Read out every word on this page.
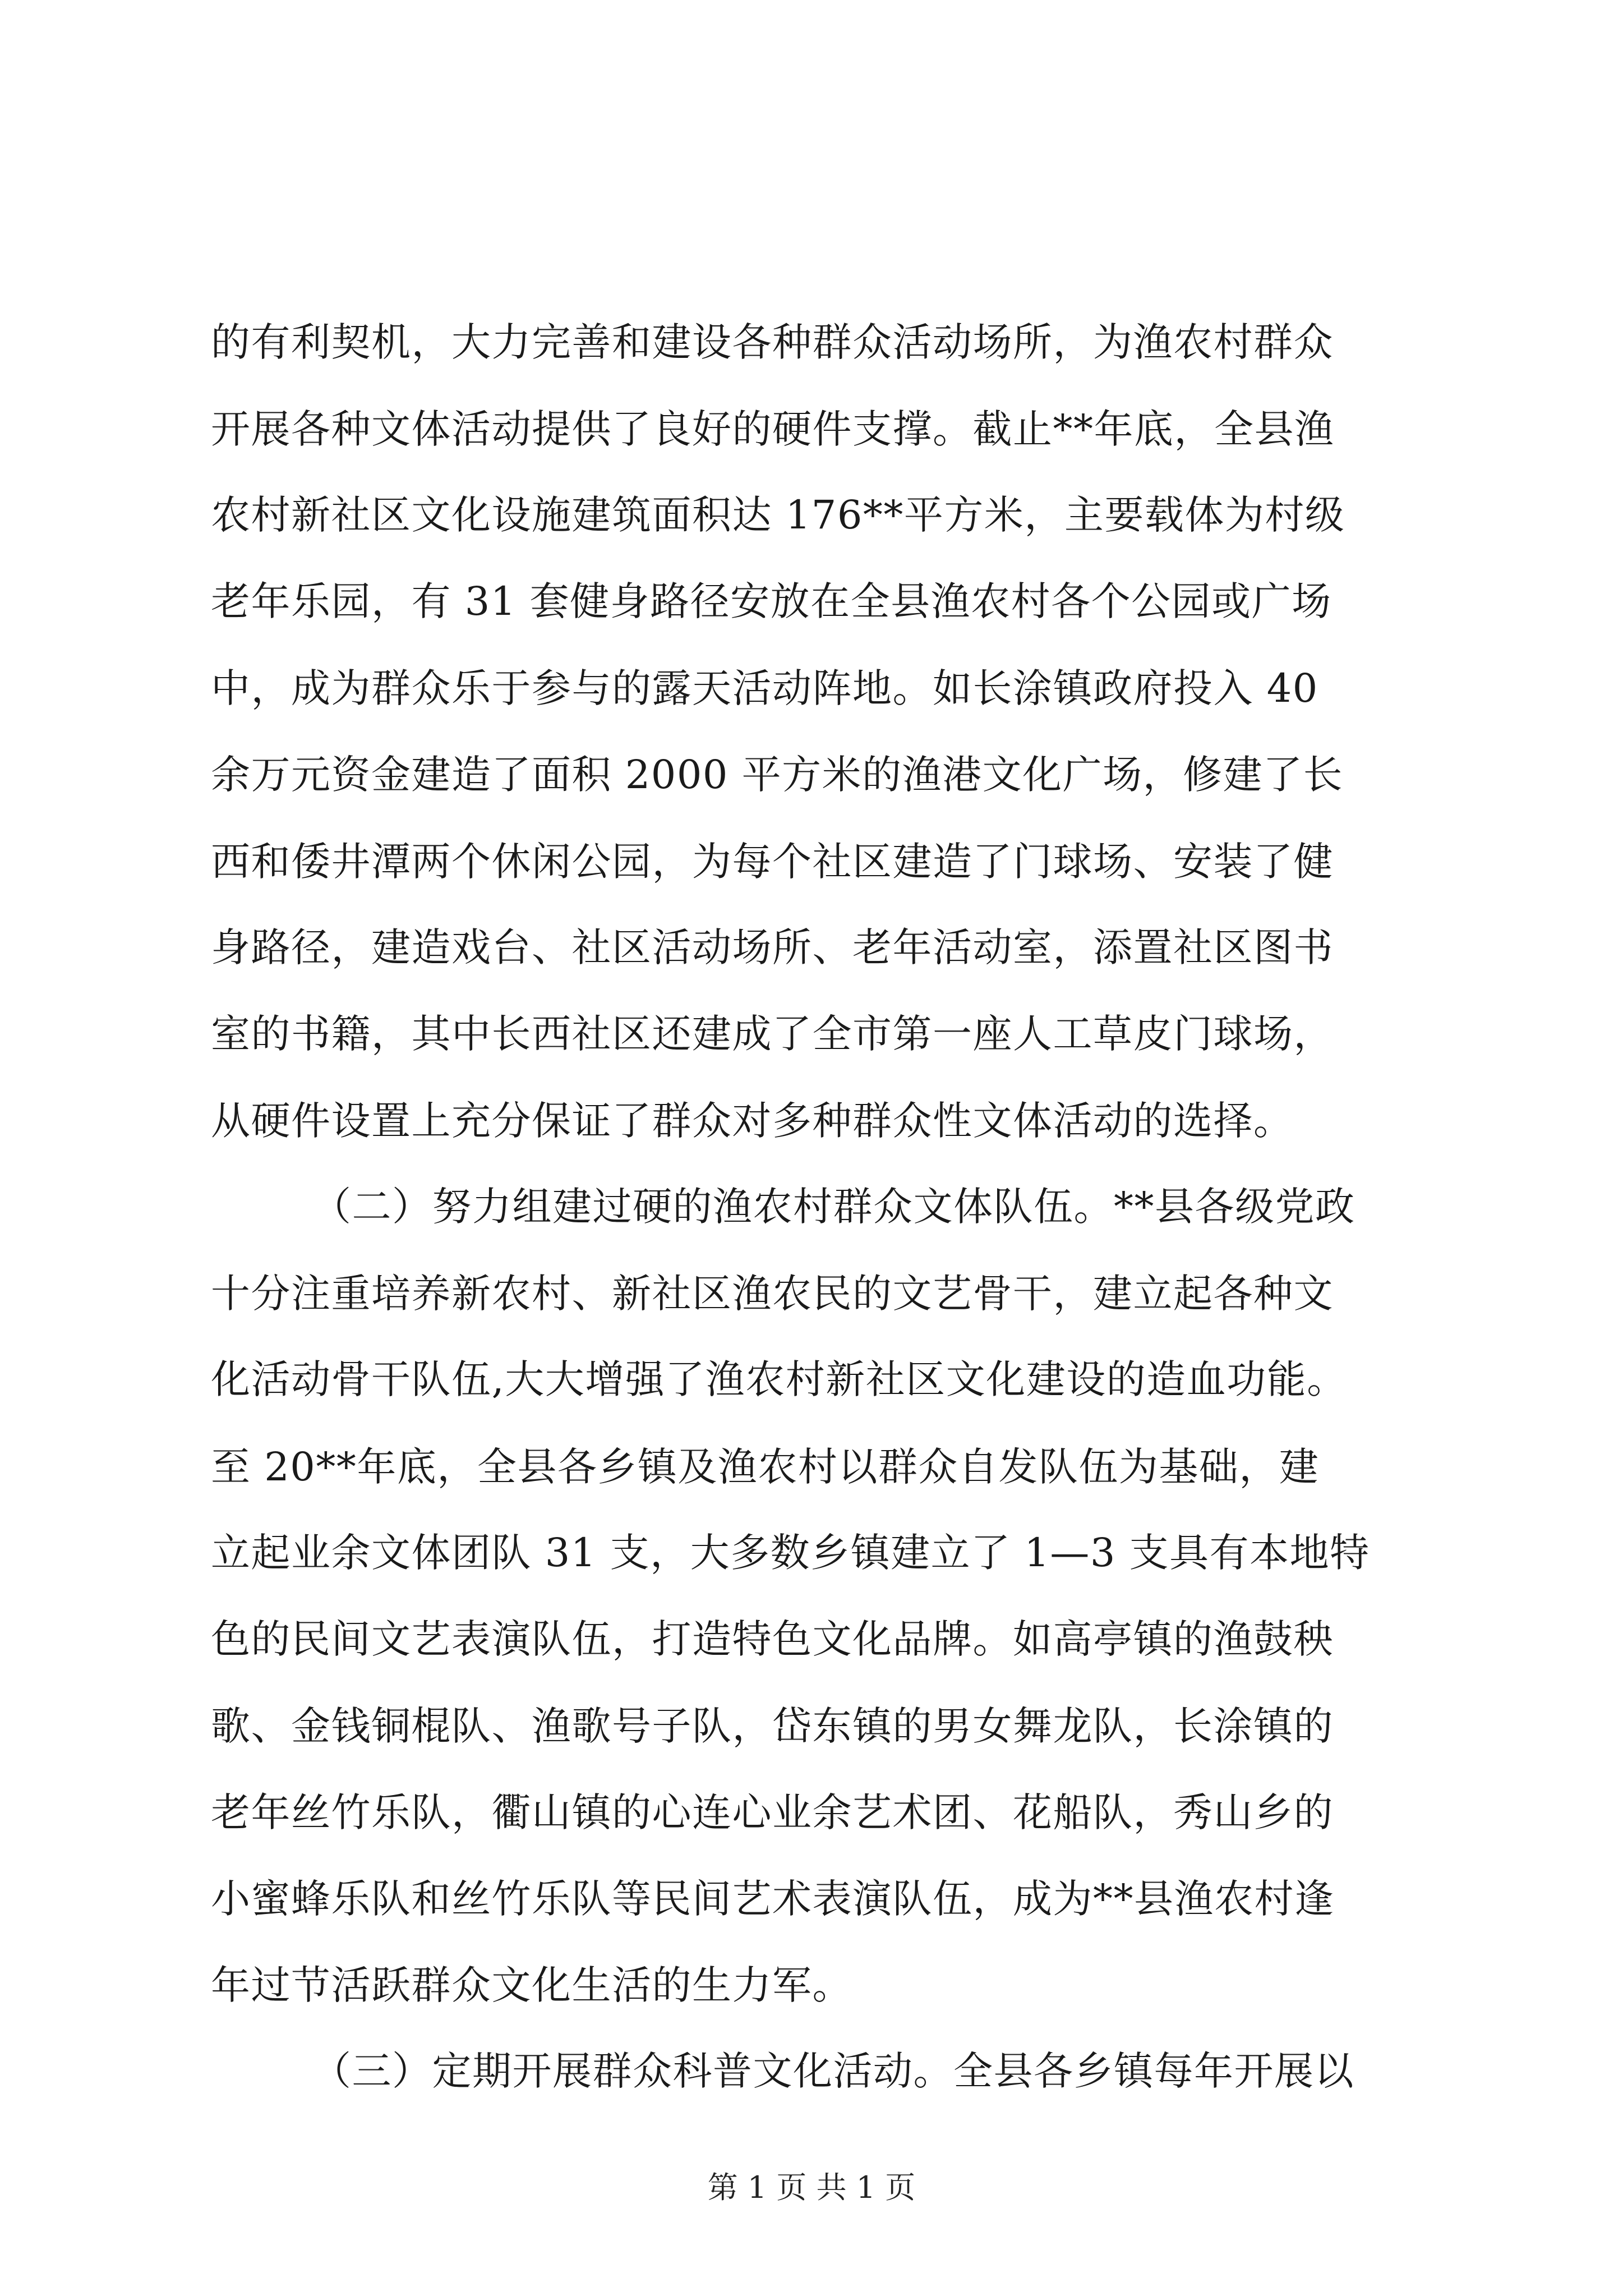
的有利契机，大力完善和建设各种群众活动场所，为渔农村群众
开展各种文体活动提供了良好的硬件支撑。截止**年底，全县渔
农村新社区文化设施建筑面积达 176**平方米，主要载体为村级
老年乐园，有 31 套健身路径安放在全县渔农村各个公园或广场
中，成为群众乐于参与的露天活动阵地。如长涂镇政府投入 40
余万元资金建造了面积 2000 平方米的渔港文化广场，修建了长
西和倭井潭两个休闲公园，为每个社区建造了门球场、安装了健
身路径，建造戏台、社区活动场所、老年活动室，添置社区图书
室的书籍，其中长西社区还建成了全市第一座人工草皮门球场，
从硬件设置上充分保证了群众对多种群众性文体活动的选择。
（二）努力组建过硬的渔农村群众文体队伍。**县各级党政
十分注重培养新农村、新社区渔农民的文艺骨干，建立起各种文
化活动骨干队伍,大大增强了渔农村新社区文化建设的造血功能。
至 20**年底，全县各乡镇及渔农村以群众自发队伍为基础，建
立起业余文体团队 31 支，大多数乡镇建立了 1—3 支具有本地特
色的民间文艺表演队伍，打造特色文化品牌。如高亭镇的渔鼓秧
歌、金钱铜棍队、渔歌号子队，岱东镇的男女舞龙队，长涂镇的
老年丝竹乐队，衢山镇的心连心业余艺术团、花船队，秀山乡的
小蜜蜂乐队和丝竹乐队等民间艺术表演队伍，成为**县渔农村逢
年过节活跃群众文化生活的生力军。
（三）定期开展群众科普文化活动。全县各乡镇每年开展以
第 1 页 共 1 页
